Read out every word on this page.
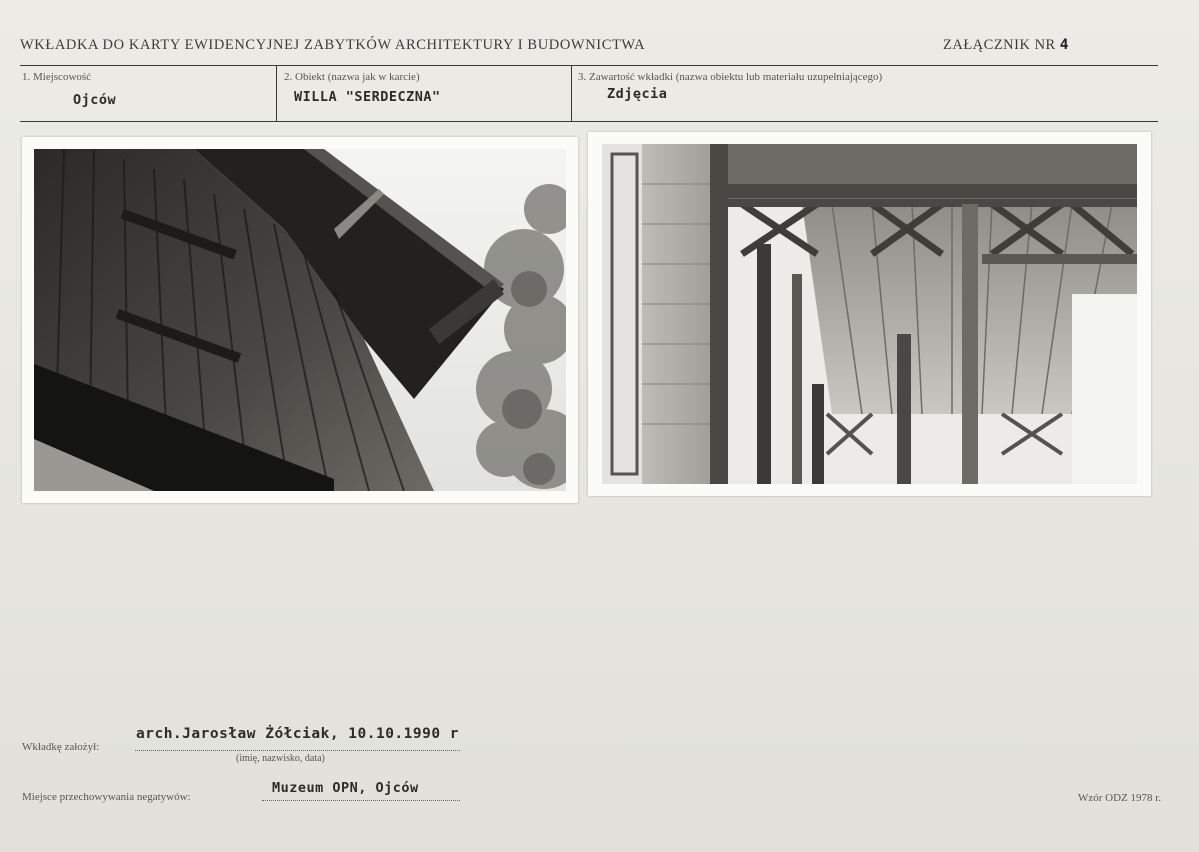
WKŁADKA DO KARTY EWIDENCYJNEJ ZABYTKÓW ARCHITEKTURY I BUDOWNICTWA	ZAŁĄCZNIK NR 4
1. Miejscowość
Ojców
2. Obiekt (nazwa jak w karcie)
WILLA "SERDECZNA"
3. Zawartość wkładki (nazwa obiektu lub materiału uzupełniającego)
Zdjęcia
arch.Jarosław Żółciak, 10.10.1990 r
Wkładkę założył:
(imię, nazwisko, data)
Muzeum OPN, Ojców
Miejsce przechowywania negatywów:	Wzór ODZ 1978 r.
